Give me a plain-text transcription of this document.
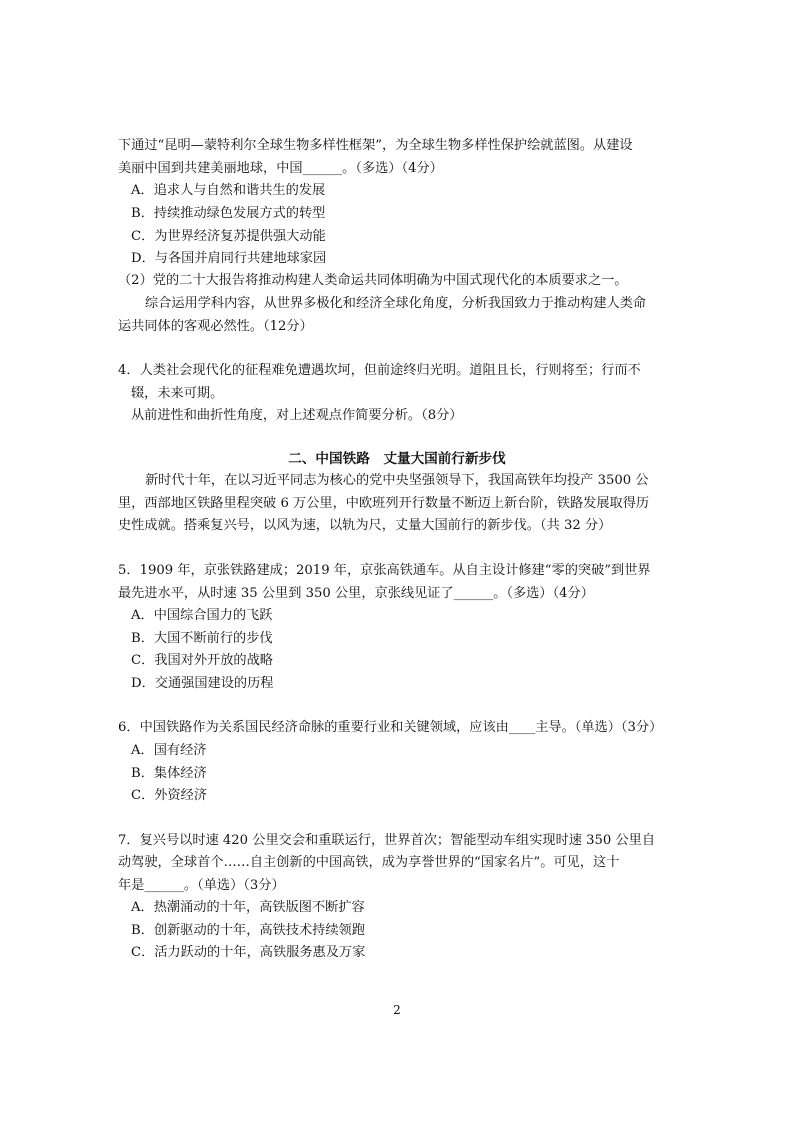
下通过“昆明—蒙特利尔全球生物多样性框架”，为全球生物多样性保护绘就蓝图。从建设

美丽中国到共建美丽地球，中国______。（多选）（4分）

A．追求人与自然和谐共生的发展

B．持续推动绿色发展方式的转型

C．为世界经济复苏提供强大动能

D．与各国并肩同行共建地球家园

（2）党的二十大报告将推动构建人类命运共同体明确为中国式现代化的本质要求之一。

综合运用学科内容，从世界多极化和经济全球化角度，分析我国致力于推动构建人类命

运共同体的客观必然性。（12分）

4．人类社会现代化的征程难免遭遇坎坷，但前途终归光明。道阻且长，行则将至；行而不

辍，未来可期。

从前进性和曲折性角度，对上述观点作简要分析。（8分）

二、中国铁路　丈量大国前行新步伐

新时代十年，在以习近平同志为核心的党中央坚强领导下，我国高铁年均投产 3500 公

里，西部地区铁路里程突破 6 万公里，中欧班列开行数量不断迈上新台阶，铁路发展取得历

史性成就。搭乘复兴号，以风为速，以轨为尺，丈量大国前行的新步伐。（共 32 分）

5．1909 年，京张铁路建成；2019 年，京张高铁通车。从自主设计修建“零的突破”到世界

最先进水平，从时速 35 公里到 350 公里，京张线见证了______。（多选）（4分）

A．中国综合国力的飞跃

B．大国不断前行的步伐

C．我国对外开放的战略

D．交通强国建设的历程

6．中国铁路作为关系国民经济命脉的重要行业和关键领域，应该由____主导。（单选）（3分）

A．国有经济

B．集体经济

C．外资经济

7．复兴号以时速 420 公里交会和重联运行，世界首次；智能型动车组实现时速 350 公里自

动驾驶，全球首个……自主创新的中国高铁，成为享誉世界的“国家名片”。可见，这十

年是______。（单选）（3分）

A．热潮涌动的十年，高铁版图不断扩容

B．创新驱动的十年，高铁技术持续领跑

C．活力跃动的十年，高铁服务惠及万家

2
